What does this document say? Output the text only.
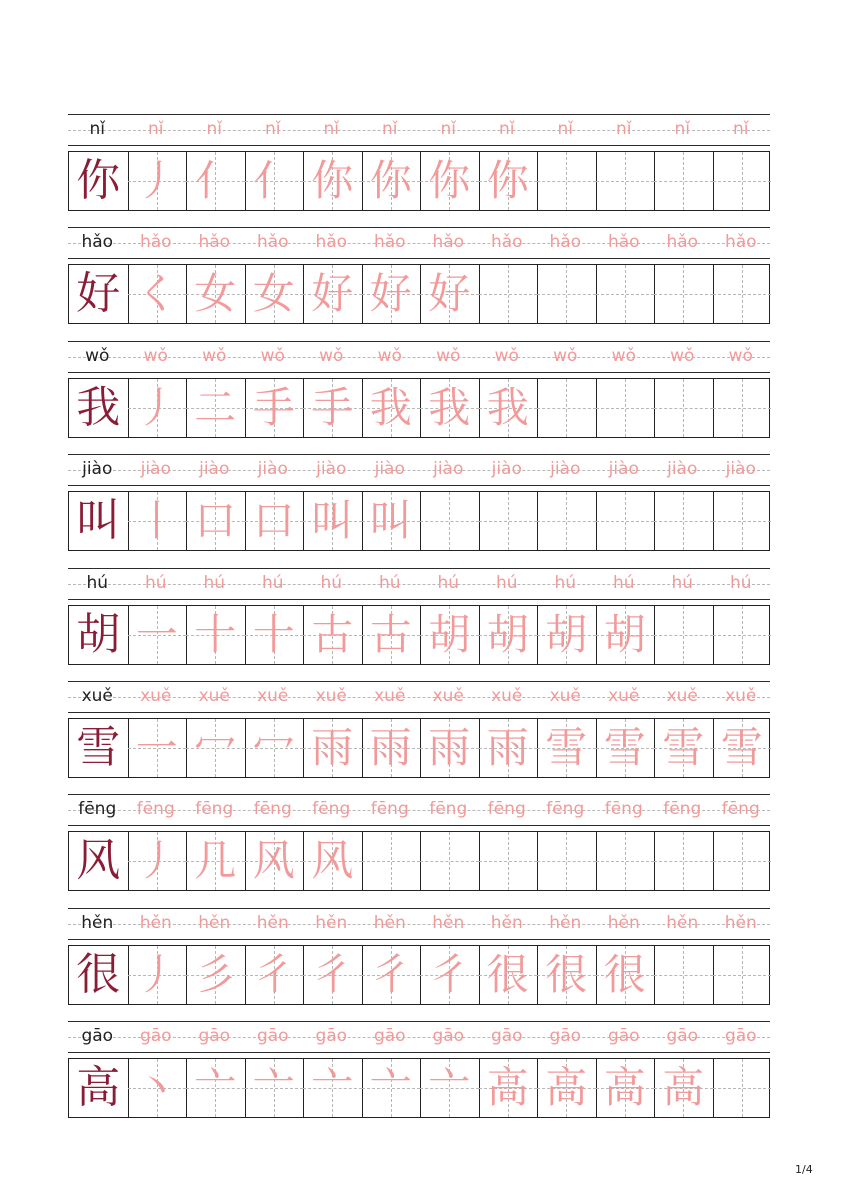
nǐ	nǐ	nǐ	nǐ	nǐ	nǐ	nǐ	nǐ	nǐ	nǐ	nǐ	nǐ
你 丿 亻 亻 你 你 你 你
hǎo	hǎo	hǎo	hǎo	hǎo	hǎo	hǎo	hǎo	hǎo	hǎo	hǎo	hǎo
好 く 女 女 好 好 好
wǒ	wǒ	wǒ	wǒ	wǒ	wǒ	wǒ	wǒ	wǒ	wǒ	wǒ	wǒ
我 丿 二 手 手 我 我 我
jiào	jiào	jiào	jiào	jiào	jiào	jiào	jiào	jiào	jiào	jiào	jiào
叫 丨 口 口 叫 叫
hú	hú	hú	hú	hú	hú	hú	hú	hú	hú	hú	hú
胡 一 十 十 古 古 胡 胡 胡 胡
xuě	xuě	xuě	xuě	xuě	xuě	xuě	xuě	xuě	xuě	xuě	xuě
雪 一 冖 冖 雨 雨 雨 雨 雪 雪 雪 雪
fēng	fēng	fēng	fēng	fēng	fēng	fēng	fēng	fēng	fēng	fēng	fēng
风 丿 几 风 风
hěn	hěn	hěn	hěn	hěn	hěn	hěn	hěn	hěn	hěn	hěn	hěn
很 丿 彡 彳 彳 彳 彳 很 很 很
gāo	gāo	gāo	gāo	gāo	gāo	gāo	gāo	gāo	gāo	gāo	gāo
高 丶 亠 亠 亠 亠 亠 高 高 高 高
1/4
